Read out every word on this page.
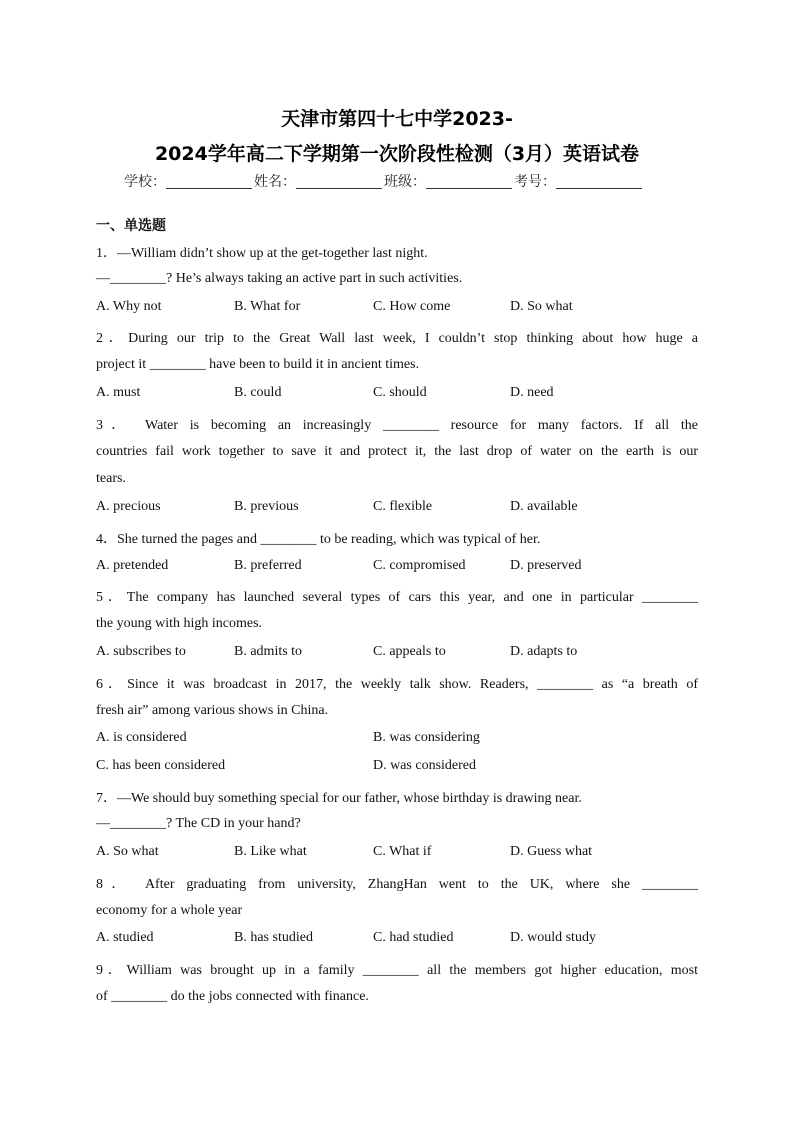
天津市第四十七中学2023-
2024学年高二下学期第一次阶段性检测（3月）英语试卷
学校：	姓名：	班级：	考号：
一、单选题
1．—William didn’t show up at the get-together last night.
—________? He’s always taking an active part in such activities.
A. Why not	B. What for	C. How come	D. So what
2．During our trip to the Great Wall last week, I couldn’t stop thinking about how huge a
project it ________ have been to build it in ancient times.
A. must	B. could	C. should	D. need
3． Water is becoming an increasingly ________ resource for many factors. If all the
countries fail work together to save it and protect it, the last drop of water on the earth is our
tears.
A. precious	B. previous	C. flexible	D. available
4．She turned the pages and ________ to be reading, which was typical of her.
A. pretended	B. preferred	C. compromised	D. preserved
5．The company has launched several types of cars this year, and one in particular ________
the young with high incomes.
A. subscribes to	B. admits to	C. appeals to	D. adapts to
6．Since it was broadcast in 2017, the weekly talk show. Readers, ________ as “a breath of
fresh air” among various shows in China.
A. is considered	B. was considering
C. has been considered	D. was considered
7．—We should buy something special for our father, whose birthday is drawing near.
—________? The CD in your hand?
A. So what	B. Like what	C. What if	D. Guess what
8． After graduating from university, ZhangHan went to the UK, where she ________
economy for a whole year
A. studied	B. has studied	C. had studied	D. would study
9．William was brought up in a family ________ all the members got higher education, most
of ________ do the jobs connected with finance.
